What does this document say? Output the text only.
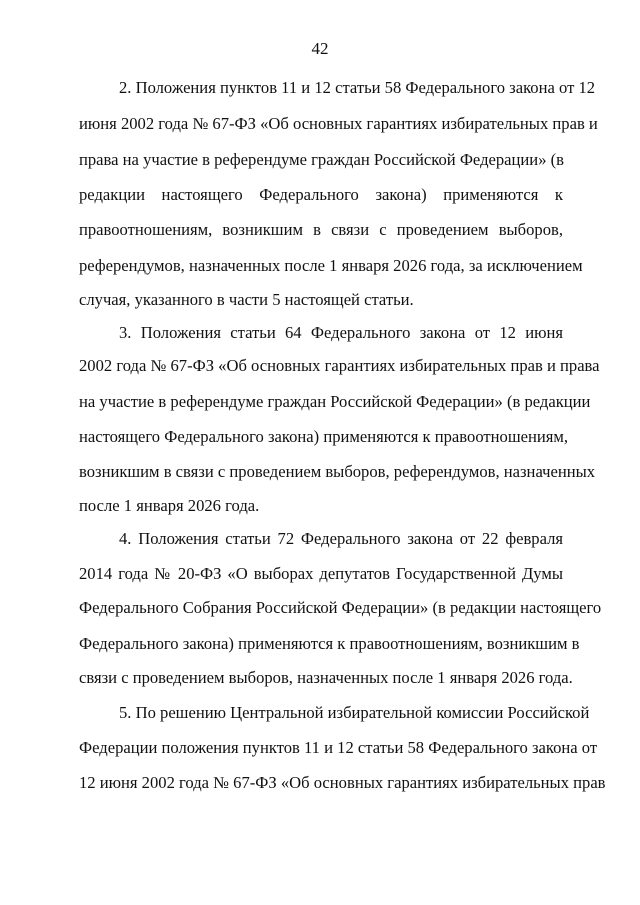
42
2. Положения пунктов 11 и 12 статьи 58 Федерального закона от 12
июня 2002 года № 67-ФЗ «Об основных гарантиях избирательных прав и
права на участие в референдуме граждан Российской Федерации» (в
редакции настоящего Федерального закона) применяются к
правоотношениям, возникшим в связи с проведением выборов,
референдумов, назначенных после 1 января 2026 года, за исключением
случая, указанного в части 5 настоящей статьи.
3. Положения статьи 64 Федерального закона от 12 июня
2002 года № 67-ФЗ «Об основных гарантиях избирательных прав и права
на участие в референдуме граждан Российской Федерации» (в редакции
настоящего Федерального закона) применяются к правоотношениям,
возникшим в связи с проведением выборов, референдумов, назначенных
после 1 января 2026 года.
4. Положения статьи 72 Федерального закона от 22 февраля
2014 года № 20-ФЗ «О выборах депутатов Государственной Думы
Федерального Собрания Российской Федерации» (в редакции настоящего
Федерального закона) применяются к правоотношениям, возникшим в
связи с проведением выборов, назначенных после 1 января 2026 года.
5. По решению Центральной избирательной комиссии Российской
Федерации положения пунктов 11 и 12 статьи 58 Федерального закона от
12 июня 2002 года № 67-ФЗ «Об основных гарантиях избирательных прав
